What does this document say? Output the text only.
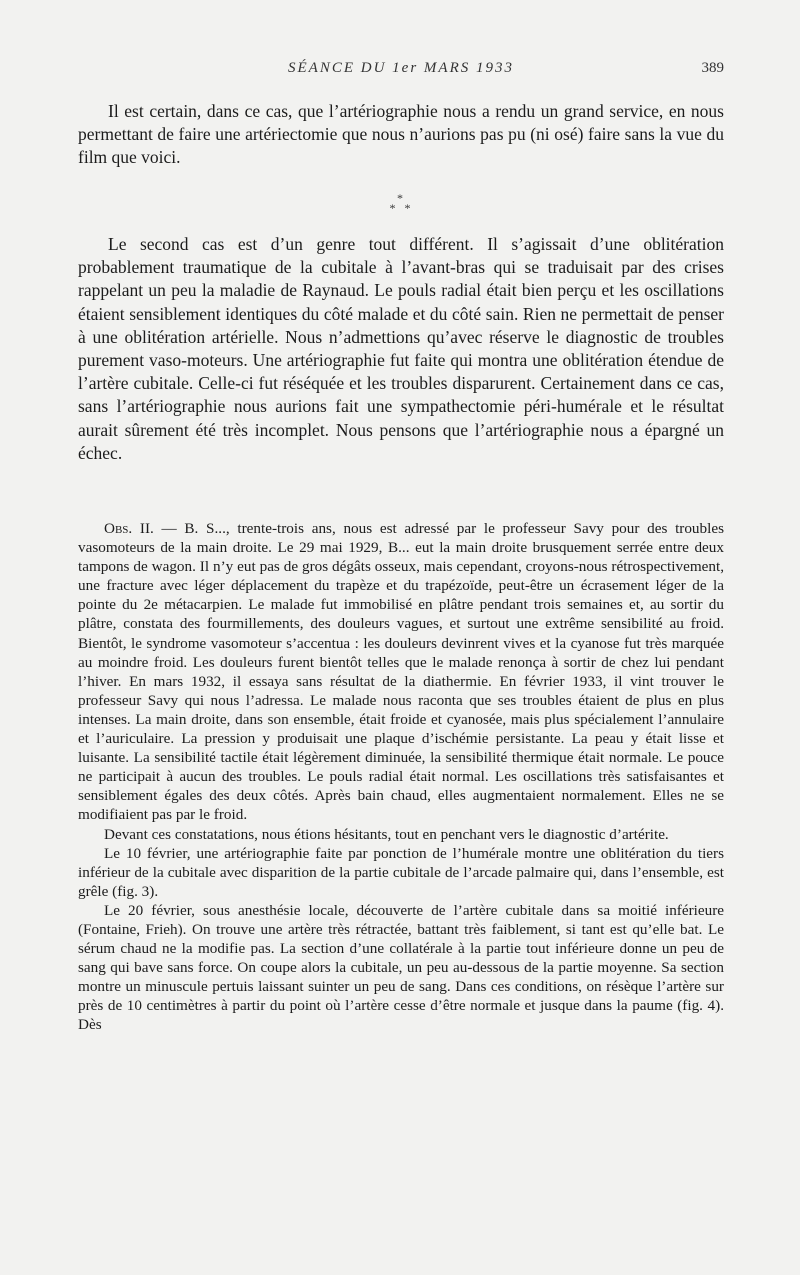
SÉANCE DU 1er MARS 1933	389

Il est certain, dans ce cas, que l’artériographie nous a rendu un grand service, en nous permettant de faire une artériectomie que nous n’aurions pas pu (ni osé) faire sans la vue du film que voici.

*
*   *

Le second cas est d’un genre tout différent. Il s’agissait d’une oblitération probablement traumatique de la cubitale à l’avant-bras qui se traduisait par des crises rappelant un peu la maladie de Raynaud. Le pouls radial était bien perçu et les oscillations étaient sensiblement identiques du côté malade et du côté sain. Rien ne permettait de penser à une oblitération artérielle. Nous n’admettions qu’avec réserve le diagnostic de troubles purement vaso-moteurs. Une artériographie fut faite qui montra une oblitération étendue de l’artère cubitale. Celle-ci fut réséquée et les troubles disparurent. Certainement dans ce cas, sans l’artériographie nous aurions fait une sympathectomie péri-humérale et le résultat aurait sûrement été très incomplet. Nous pensons que l’artériographie nous a épargné un échec.

Obs. II. — B. S..., trente-trois ans, nous est adressé par le professeur Savy pour des troubles vasomoteurs de la main droite. Le 29 mai 1929, B... eut la main droite brusquement serrée entre deux tampons de wagon. Il n’y eut pas de gros dégâts osseux, mais cependant, croyons-nous rétrospectivement, une fracture avec léger déplacement du trapèze et du trapézoïde, peut-être un écrasement léger de la pointe du 2e métacarpien. Le malade fut immobilisé en plâtre pendant trois semaines et, au sortir du plâtre, constata des fourmillements, des douleurs vagues, et surtout une extrême sensibilité au froid. Bientôt, le syndrome vasomoteur s’accentua : les douleurs devinrent vives et la cyanose fut très marquée au moindre froid. Les douleurs furent bientôt telles que le malade renonça à sortir de chez lui pendant l’hiver. En mars 1932, il essaya sans résultat de la diathermie. En février 1933, il vint trouver le professeur Savy qui nous l’adressa. Le malade nous raconta que ses troubles étaient de plus en plus intenses. La main droite, dans son ensemble, était froide et cyanosée, mais plus spécialement l’annulaire et l’auriculaire. La pression y produisait une plaque d’ischémie persistante. La peau y était lisse et luisante. La sensibilité tactile était légèrement diminuée, la sensibilité thermique était normale. Le pouce ne participait à aucun des troubles. Le pouls radial était normal. Les oscillations très satisfaisantes et sensiblement égales des deux côtés. Après bain chaud, elles augmentaient normalement. Elles ne se modifiaient pas par le froid.

Devant ces constatations, nous étions hésitants, tout en penchant vers le diagnostic d’artérite.

Le 10 février, une artériographie faite par ponction de l’humérale montre une oblitération du tiers inférieur de la cubitale avec disparition de la partie cubitale de l’arcade palmaire qui, dans l’ensemble, est grêle (fig. 3).

Le 20 février, sous anesthésie locale, découverte de l’artère cubitale dans sa moitié inférieure (Fontaine, Frieh). On trouve une artère très rétractée, battant très faiblement, si tant est qu’elle bat. Le sérum chaud ne la modifie pas. La section d’une collatérale à la partie tout inférieure donne un peu de sang qui bave sans force. On coupe alors la cubitale, un peu au-dessous de la partie moyenne. Sa section montre un minuscule pertuis laissant suinter un peu de sang. Dans ces conditions, on résèque l’artère sur près de 10 centimètres à partir du point où l’artère cesse d’être normale et jusque dans la paume (fig. 4). Dès
